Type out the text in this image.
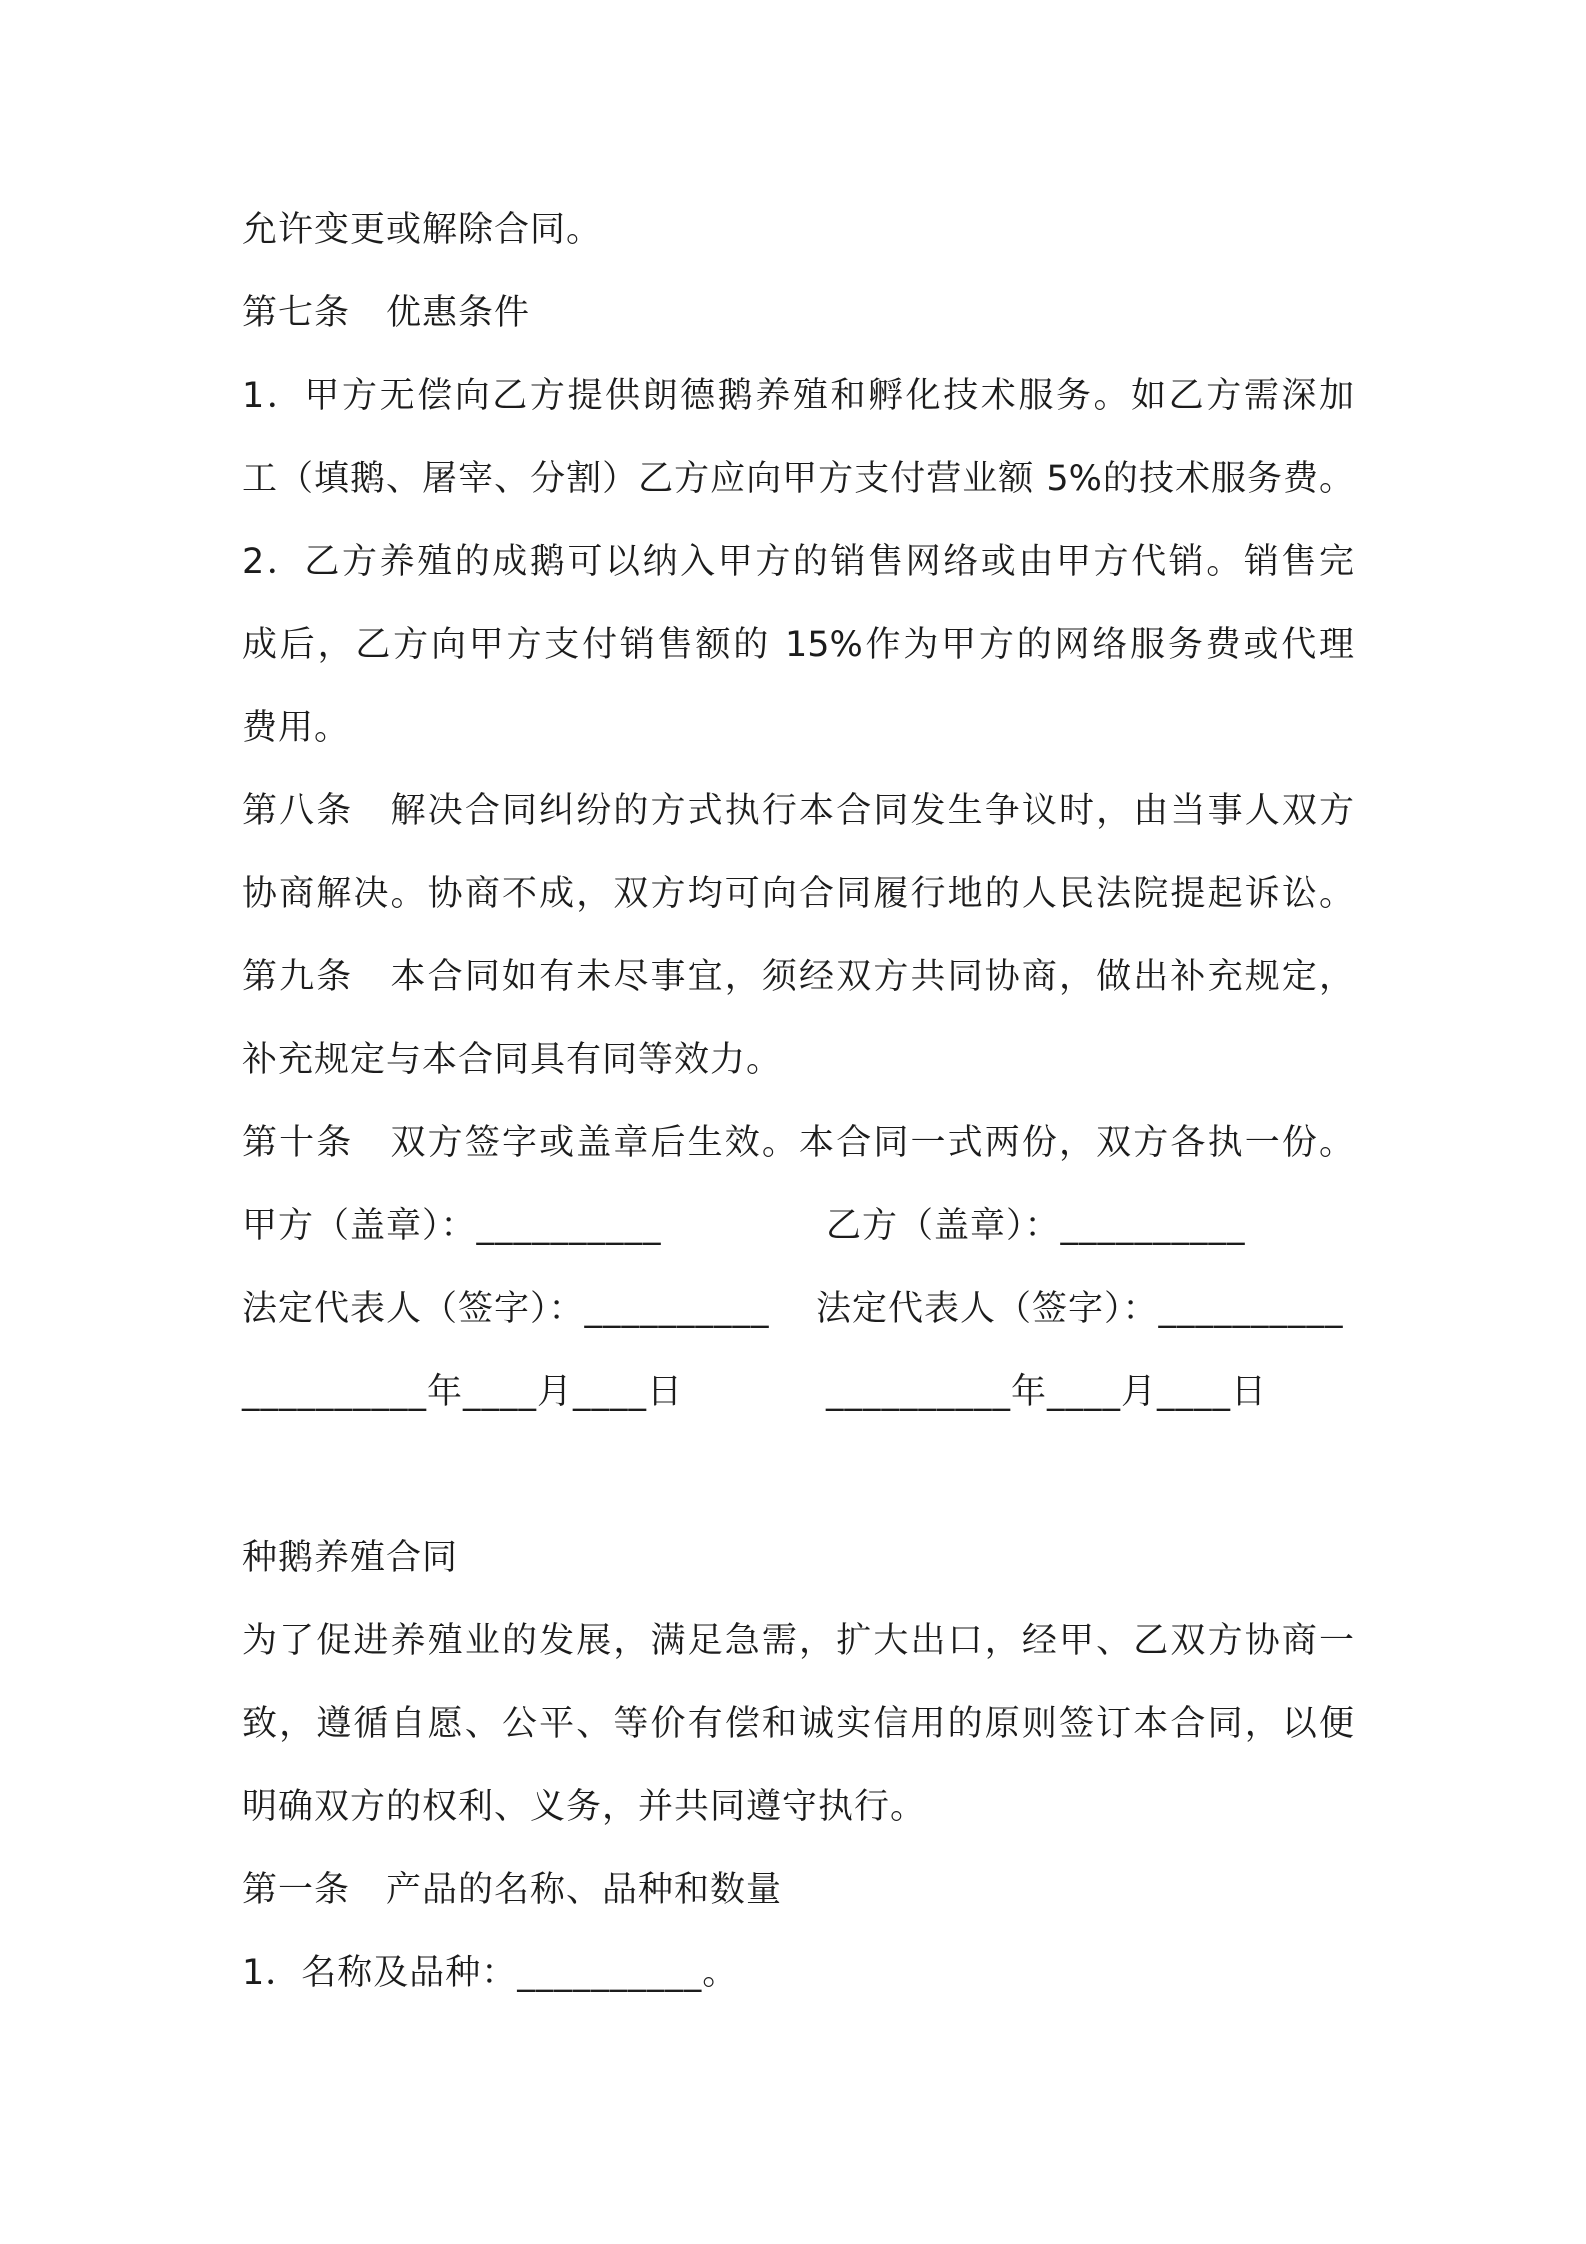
允许变更或解除合同。
第七条　优惠条件
1．甲方无偿向乙方提供朗德鹅养殖和孵化技术服务。如乙方需深加
工（填鹅、屠宰、分割）乙方应向甲方支付营业额 5%的技术服务费。
2．乙方养殖的成鹅可以纳入甲方的销售网络或由甲方代销。销售完
成后，乙方向甲方支付销售额的 15%作为甲方的网络服务费或代理
费用。
第八条　解决合同纠纷的方式执行本合同发生争议时，由当事人双方
协商解决。协商不成，双方均可向合同履行地的人民法院提起诉讼。
第九条　本合同如有未尽事宜，须经双方共同协商，做出补充规定，
补充规定与本合同具有同等效力。
第十条　双方签字或盖章后生效。本合同一式两份，双方各执一份。
甲方（盖章）：__________	乙方（盖章）：__________
法定代表人（签字）：__________ 法定代表人（签字）：__________
__________年____月____日	__________年____月____日
种鹅养殖合同
为了促进养殖业的发展，满足急需，扩大出口，经甲、乙双方协商一
致，遵循自愿、公平、等价有偿和诚实信用的原则签订本合同，以便
明确双方的权利、义务，并共同遵守执行。
第一条　产品的名称、品种和数量
1．名称及品种：__________。
